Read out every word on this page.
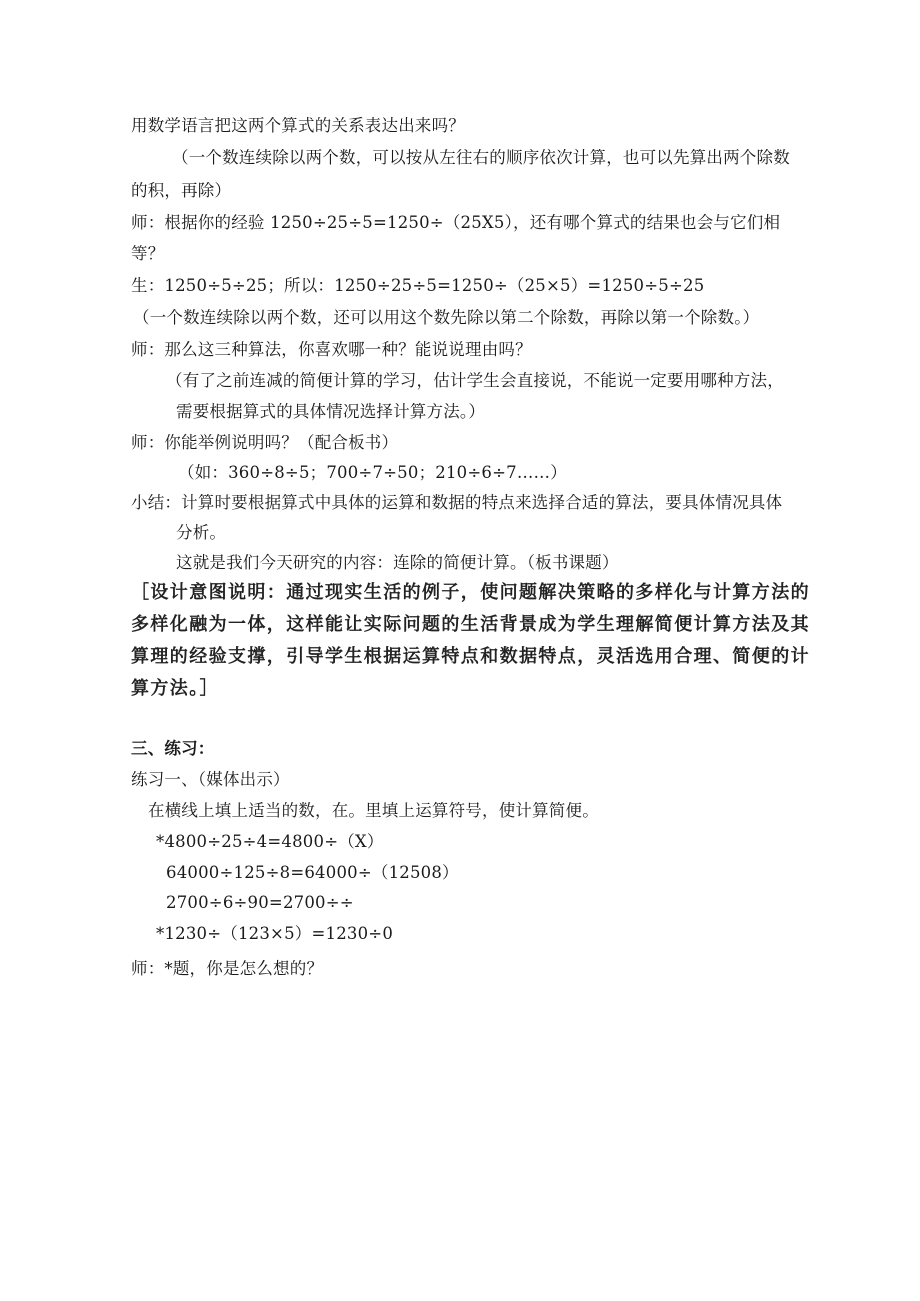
用数学语言把这两个算式的关系表达出来吗？
（一个数连续除以两个数，可以按从左往右的顺序依次计算，也可以先算出两个除数
的积，再除）
师：根据你的经验 1250÷25÷5=1250÷（25X5），还有哪个算式的结果也会与它们相
等？
生：1250÷5÷25；所以：1250÷25÷5=1250÷（25×5）=1250÷5÷25
（一个数连续除以两个数，还可以用这个数先除以第二个除数，再除以第一个除数。）
师：那么这三种算法，你喜欢哪一种？能说说理由吗？
（有了之前连减的简便计算的学习，估计学生会直接说，不能说一定要用哪种方法，
需要根据算式的具体情况选择计算方法。）
师：你能举例说明吗？（配合板书）
（如：360÷8÷5；700÷7÷50；210÷6÷7……）
小结：计算时要根据算式中具体的运算和数据的特点来选择合适的算法，要具体情况具体
分析。
这就是我们今天研究的内容：连除的简便计算。（板书课题）
［设计意图说明：通过现实生活的例子，使问题解决策略的多样化与计算方法的
多样化融为一体，这样能让实际问题的生活背景成为学生理解简便计算方法及其
算理的经验支撑，引导学生根据运算特点和数据特点，灵活选用合理、简便的计
算方法。］
三、练习：
练习一、（媒体出示）
在横线上填上适当的数，在。里填上运算符号，使计算简便。
*4800÷25÷4=4800÷（X）
64000÷125÷8=64000÷（12508）
2700÷6÷90=2700÷÷
*1230÷（123×5）=1230÷0
师：*题，你是怎么想的？
